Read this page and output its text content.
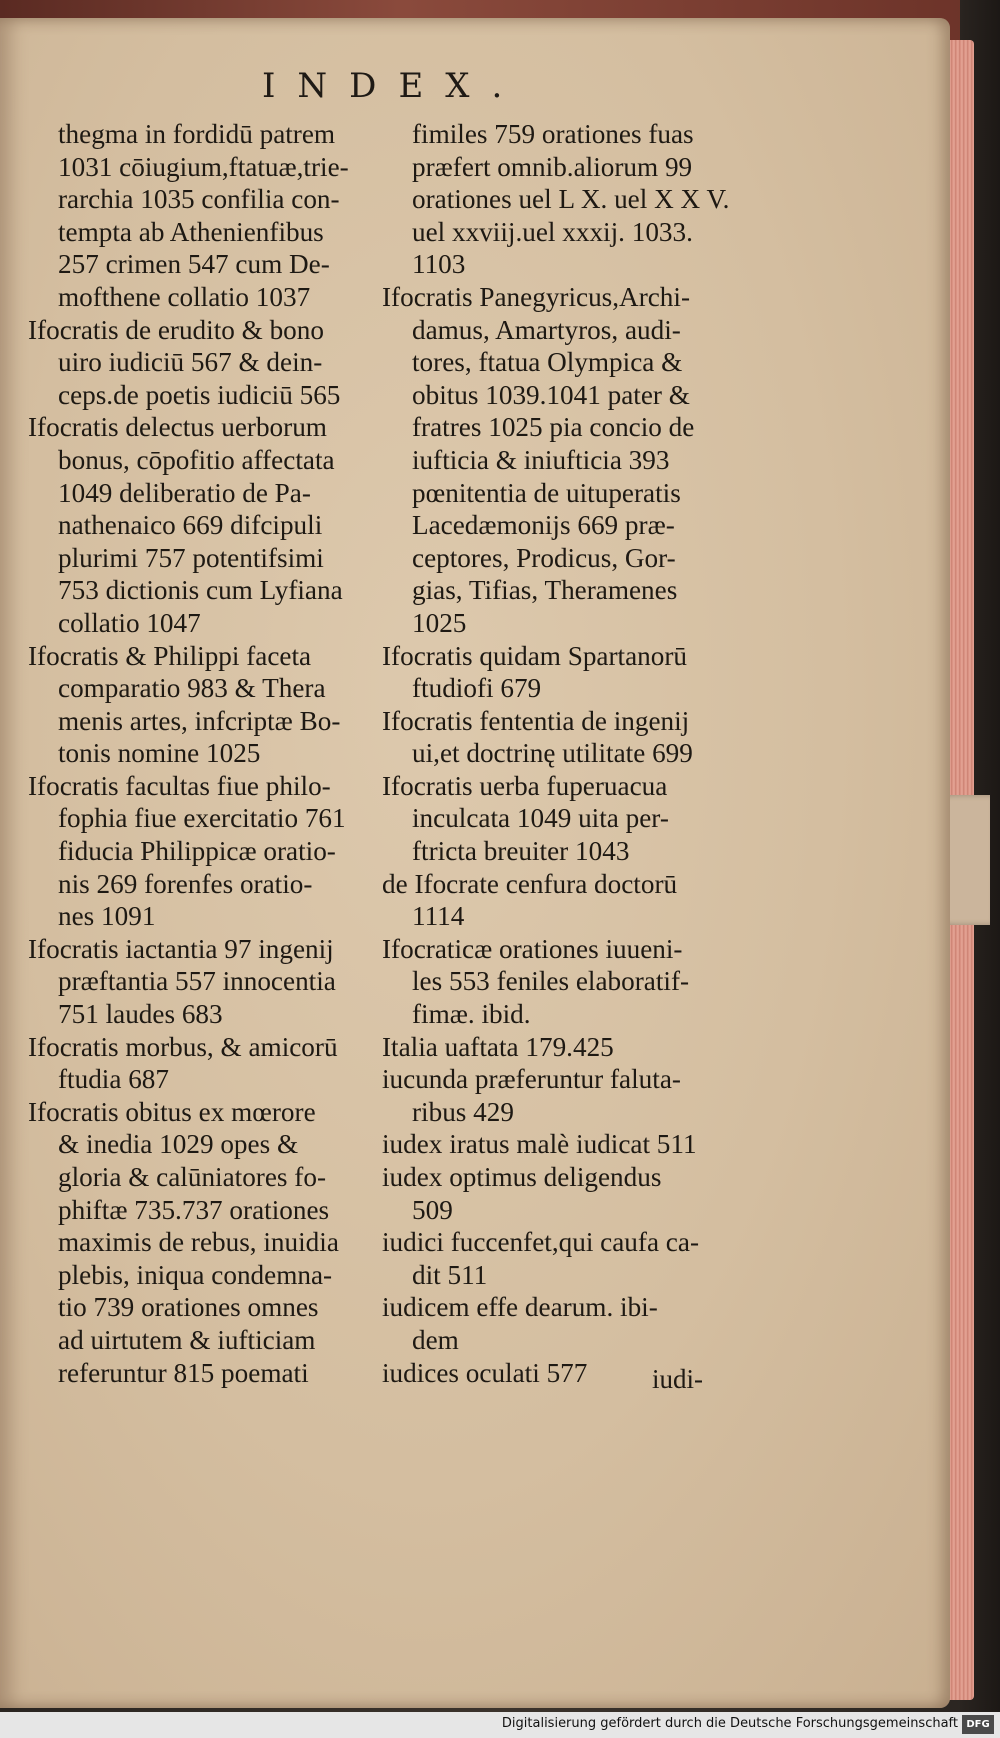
INDEX.
thegma in fordidū patrem
1031 cōiugium,ftatuæ,trie-
rarchia 1035 confilia con-
tempta ab Athenienfibus
257 crimen 547 cum De-
mofthene collatio 1037
Ifocratis de erudito & bono
uiro iudiciū 567 & dein-
ceps.de poetis iudiciū 565
Ifocratis delectus uerborum
bonus, cōpofitio affectata
1049 deliberatio de Pa-
nathenaico 669 difcipuli
plurimi 757 potentifsimi
753 dictionis cum Lyfiana
collatio 1047
Ifocratis & Philippi faceta
comparatio 983 & Thera
menis artes, infcriptæ Bo-
tonis nomine 1025
Ifocratis facultas fiue philo-
fophia fiue exercitatio 761
fiducia Philippicæ oratio-
nis 269 forenfes oratio-
nes 1091
Ifocratis iactantia 97 ingenij
præftantia 557 innocentia
751 laudes 683
Ifocratis morbus, & amicorū
ftudia 687
Ifocratis obitus ex mœrore
& inedia 1029 opes &
gloria & calūniatores fo-
phiftæ 735.737 orationes
maximis de rebus, inuidia
plebis, iniqua condemna-
tio 739 orationes omnes
ad uirtutem & iufticiam
referuntur 815 poemati
fimiles 759 orationes fuas
præfert omnib.aliorum 99
orationes uel L X. uel X X V.
uel xxviij.uel xxxij. 1033.
1103
Ifocratis Panegyricus,Archi-
damus, Amartyros, audi-
tores, ftatua Olympica &
obitus 1039.1041 pater &
fratres 1025 pia concio de
iufticia & iniufticia 393
pœnitentia de uituperatis
Lacedæmonijs 669 præ-
ceptores, Prodicus, Gor-
gias, Tifias, Theramenes
1025
Ifocratis quidam Spartanorū
ftudiofi 679
Ifocratis fententia de ingenij
ui,et doctrinę utilitate 699
Ifocratis uerba fuperuacua
inculcata 1049 uita per-
ftricta breuiter 1043
de Ifocrate cenfura doctorū
1114
Ifocraticæ orationes iuueni-
les 553 feniles elaboratif-
fimæ. ibid.
Italia uaftata 179.425
iucunda præferuntur faluta-
ribus 429
iudex iratus malè iudicat 511
iudex optimus deligendus
509
iudici fuccenfet,qui caufa ca-
dit 511
iudicem effe dearum. ibi-
dem
iudices oculati 577	iudi-
Digitalisierung gefördert durch die Deutsche Forschungsgemeinschaft DFG
